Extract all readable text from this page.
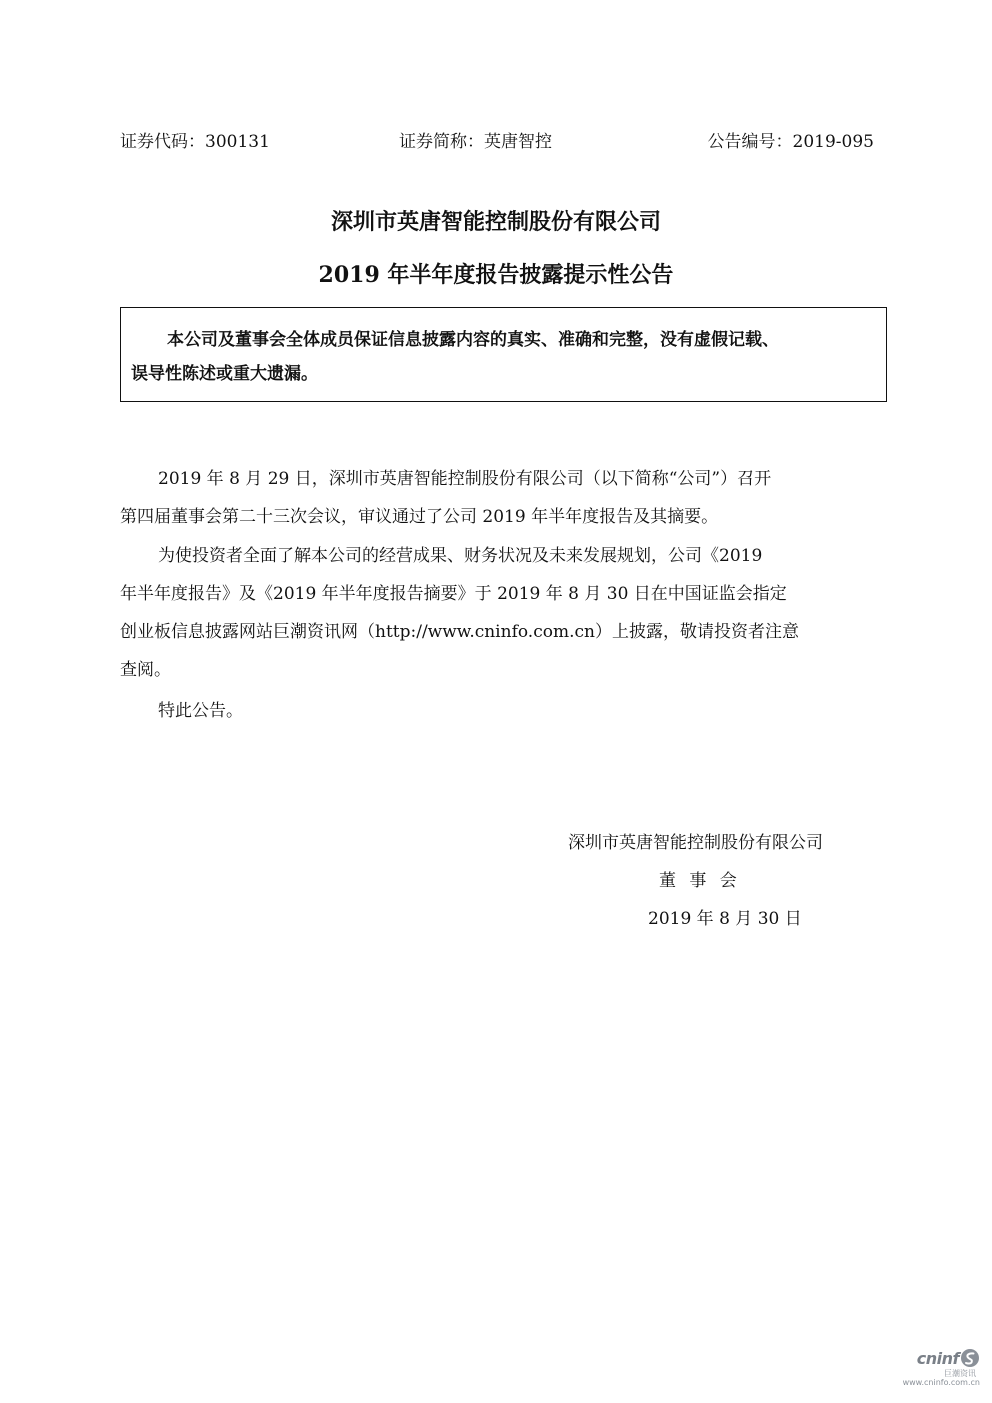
证券代码：300131	证券简称：英唐智控	公告编号：2019-095
深圳市英唐智能控制股份有限公司
2019 年半年度报告披露提示性公告
本公司及董事会全体成员保证信息披露内容的真实、准确和完整，没有虚假记载、
误导性陈述或重大遗漏。
2019 年 8 月 29 日，深圳市英唐智能控制股份有限公司（以下简称“公司”）召开
第四届董事会第二十三次会议，审议通过了公司 2019 年半年度报告及其摘要。
为使投资者全面了解本公司的经营成果、财务状况及未来发展规划，公司《2019
年半年度报告》及《2019 年半年度报告摘要》于 2019 年 8 月 30 日在中国证监会指定
创业板信息披露网站巨潮资讯网（http://www.cninfo.com.cn）上披露，敬请投资者注意
查阅。
特此公告。
深圳市英唐智能控制股份有限公司
董 事 会
2019 年 8 月 30 日
cninf
巨潮资讯
www.cninfo.com.cn
